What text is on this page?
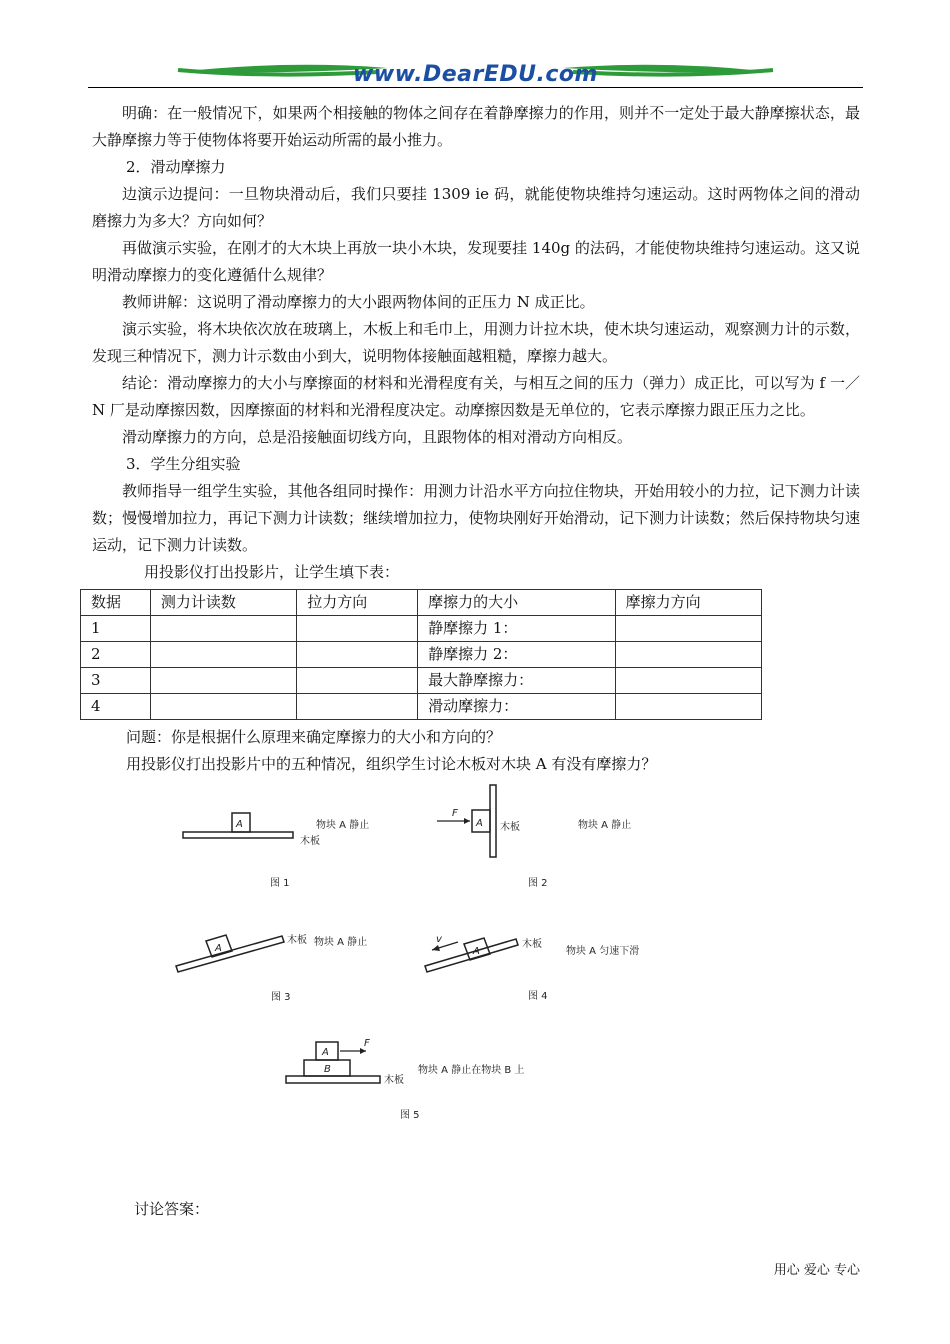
www.DearEDU.com

明确：在一般情况下，如果两个相接触的物体之间存在着静摩擦力的作用，则并不一定处于最大静摩擦状态，最大静摩擦力等于使物体将要开始运动所需的最小推力。

2．滑动摩擦力

边演示边提问：一旦物块滑动后，我们只要挂 1309 ie 码，就能使物块维持匀速运动。这时两物体之间的滑动磨擦力为多大？方向如何？

再做演示实验，在刚才的大木块上再放一块小木块，发现要挂 140g 的法码，才能使物块维持匀速运动。这又说明滑动摩擦力的变化遵循什么规律？

教师讲解：这说明了滑动摩擦力的大小跟两物体间的正压力 N 成正比。

演示实验，将木块依次放在玻璃上，木板上和毛巾上，用测力计拉木块，使木块匀速运动，观察测力计的示数，发现三种情况下，测力计示数由小到大，说明物体接触面越粗糙，摩擦力越大。

结论：滑动摩擦力的大小与摩擦面的材料和光滑程度有关，与相互之间的压力（弹力）成正比，可以写为 f 一／N 厂是动摩擦因数，因摩擦面的材料和光滑程度决定。动摩擦因数是无单位的，它表示摩擦力跟正压力之比。

滑动摩擦力的方向，总是沿接触面切线方向，且跟物体的相对滑动方向相反。

3．学生分组实验

教师指导一组学生实验，其他各组同时操作：用测力计沿水平方向拉住物块，开始用较小的力拉，记下测力计读数；慢慢增加拉力，再记下测力计读数；继续增加拉力，使物块刚好开始滑动，记下测力计读数；然后保持物块匀速运动，记下测力计读数。

用投影仪打出投影片，让学生填下表：

数据	测力计读数	拉力方向	摩擦力的大小	摩擦力方向
1			静摩擦力 1：	
2			静摩擦力 2：	
3			最大静摩擦力：	
4			滑动摩擦力：	

问题：你是根据什么原理来确定摩擦力的大小和方向的？

用投影仪打出投影片中的五种情况，组织学生讨论木板对木块 A 有没有摩擦力？

A
木板
物块 A 静止
图 1
A
F
木板	物块 A 静止
图 2
A
木板 物块 A 静止
图 3
A
v	木板
物块 A 匀速下滑
图 4
B
A
F
木板
物块 A 静止在物块 B 上
图 5
讨论答案：
用心 爱心 专心
